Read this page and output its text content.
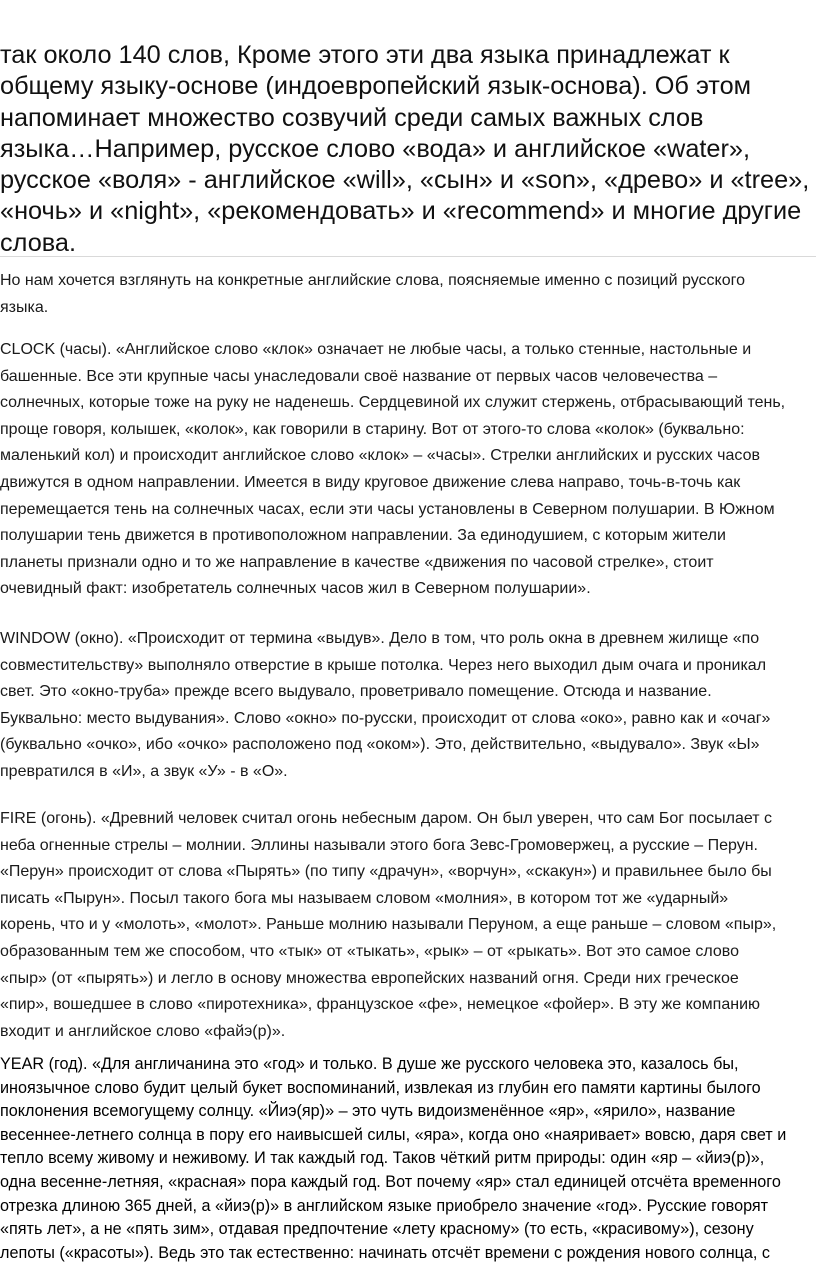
так около 140 слов, Кроме этого эти два языка принадлежат к
общему языку-основе (индоевропейский язык-основа). Об этом
напоминает множество созвучий среди самых важных слов
языка…Например, русское слово «вода» и английское «water»,
русское «воля» - английское «will», «сын» и «son», «древо» и «tree»,
«ночь» и «night», «рекомендовать» и «recommend» и многие другие
слова.
Но нам хочется взглянуть на конкретные английские слова, поясняемые именно с позиций русского
языка.
CLOCK (часы). «Английское слово «клок» означает не любые часы, а только стенные, настольные и
башенные. Все эти крупные часы унаследовали своё название от первых часов человечества –
солнечных, которые тоже на руку не наденешь. Сердцевиной их служит стержень, отбрасывающий тень,
проще говоря, колышек, «колок», как говорили в старину. Вот от этого-то слова «колок» (буквально:
маленький кол) и происходит английское слово «клок» – «часы». Стрелки английских и русских часов
движутся в одном направлении. Имеется в виду круговое движение слева направо, точь-в-точь как
перемещается тень на солнечных часах, если эти часы установлены в Северном полушарии. В Южном
полушарии тень движется в противоположном направлении. За единодушием, с которым жители
планеты признали одно и то же направление в качестве «движения по часовой стрелке», стоит
очевидный факт: изобретатель солнечных часов жил в Северном полушарии».
WINDOW (окно). «Происходит от термина «выдув». Дело в том, что роль окна в древнем жилище «по
совместительству» выполняло отверстие в крыше потолка. Через него выходил дым очага и проникал
свет. Это «окно-труба» прежде всего выдувало, проветривало помещение. Отсюда и название.
Буквально: место выдувания». Слово «окно» по-русски, происходит от слова «око», равно как и «очаг»
(буквально «очко», ибо «очко» расположено под «оком»). Это, действительно, «выдувало». Звук «Ы»
превратился в «И», а звук «У» - в «О».
FIRE (огонь). «Древний человек считал огонь небесным даром. Он был уверен, что сам Бог посылает с
неба огненные стрелы – молнии. Эллины называли этого бога Зевс-Громовержец, а русские – Перун.
«Перун» происходит от слова «Пырять» (по типу «драчун», «ворчун», «скакун») и правильнее было бы
писать «Пырун». Посыл такого бога мы называем словом «молния», в котором тот же «ударный»
корень, что и у «молоть», «молот». Раньше молнию называли Перуном, а еще раньше – словом «пыр»,
образованным тем же способом, что «тык» от «тыкать», «рык» – от «рыкать». Вот это самое слово
«пыр» (от «пырять») и легло в основу множества европейских названий огня. Среди них греческое
«пир», вошедшее в слово «пиротехника», французское «фе», немецкое «фойер». В эту же компанию
входит и английское слово «файэ(р)».
YEAR (год). «Для англичанина это «год» и только. В душе же русского человека это, казалось бы,
иноязычное слово будит целый букет воспоминаний, извлекая из глубин его памяти картины былого
поклонения всемогущему солнцу. «Йиэ(яр)» – это чуть видоизменённое «яр», «ярило», название
весеннее-летнего солнца в пору его наивысшей силы, «яра», когда оно «наяривает» вовсю, даря свет и
тепло всему живому и неживому. И так каждый год. Таков чёткий ритм природы: один «яр – «йиэ(р)»,
одна весенне-летняя, «красная» пора каждый год. Вот почему «яр» стал единицей отсчёта временного
отрезка длиною 365 дней, а «йиэ(р)» в английском языке приобрело значение «год». Русские говорят
«пять лет», а не «пять зим», отдавая предпочтение «лету красному» (то есть, «красивому»), сезону
лепоты («красоты»). Ведь это так естественно: начинать отсчёт времени с рождения нового солнца, с
